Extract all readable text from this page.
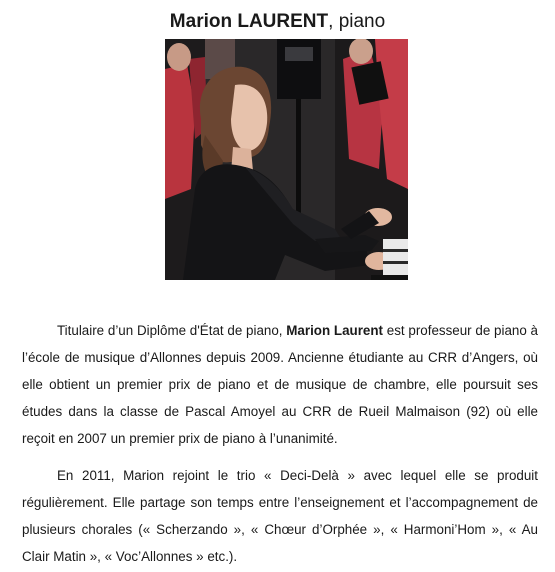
Marion LAURENT, piano

Titulaire d’un Diplôme d'État de piano, Marion Laurent est professeur de piano à l’école de musique d’Allonnes depuis 2009. Ancienne étudiante au CRR d’Angers, où elle obtient un premier prix de piano et de musique de chambre, elle poursuit ses études dans la classe de Pascal Amoyel au CRR de Rueil Malmaison (92) où elle reçoit en 2007 un premier prix de piano à l’unanimité.

En 2011, Marion rejoint le trio « Deci-Delà » avec lequel elle se produit régulièrement. Elle partage son temps entre l’enseignement et l’accompagnement de plusieurs chorales (« Scherzando », « Chœur d’Orphée », « Harmoni’Hom », « Au Clair Matin », « Voc’Allonnes » etc.).
